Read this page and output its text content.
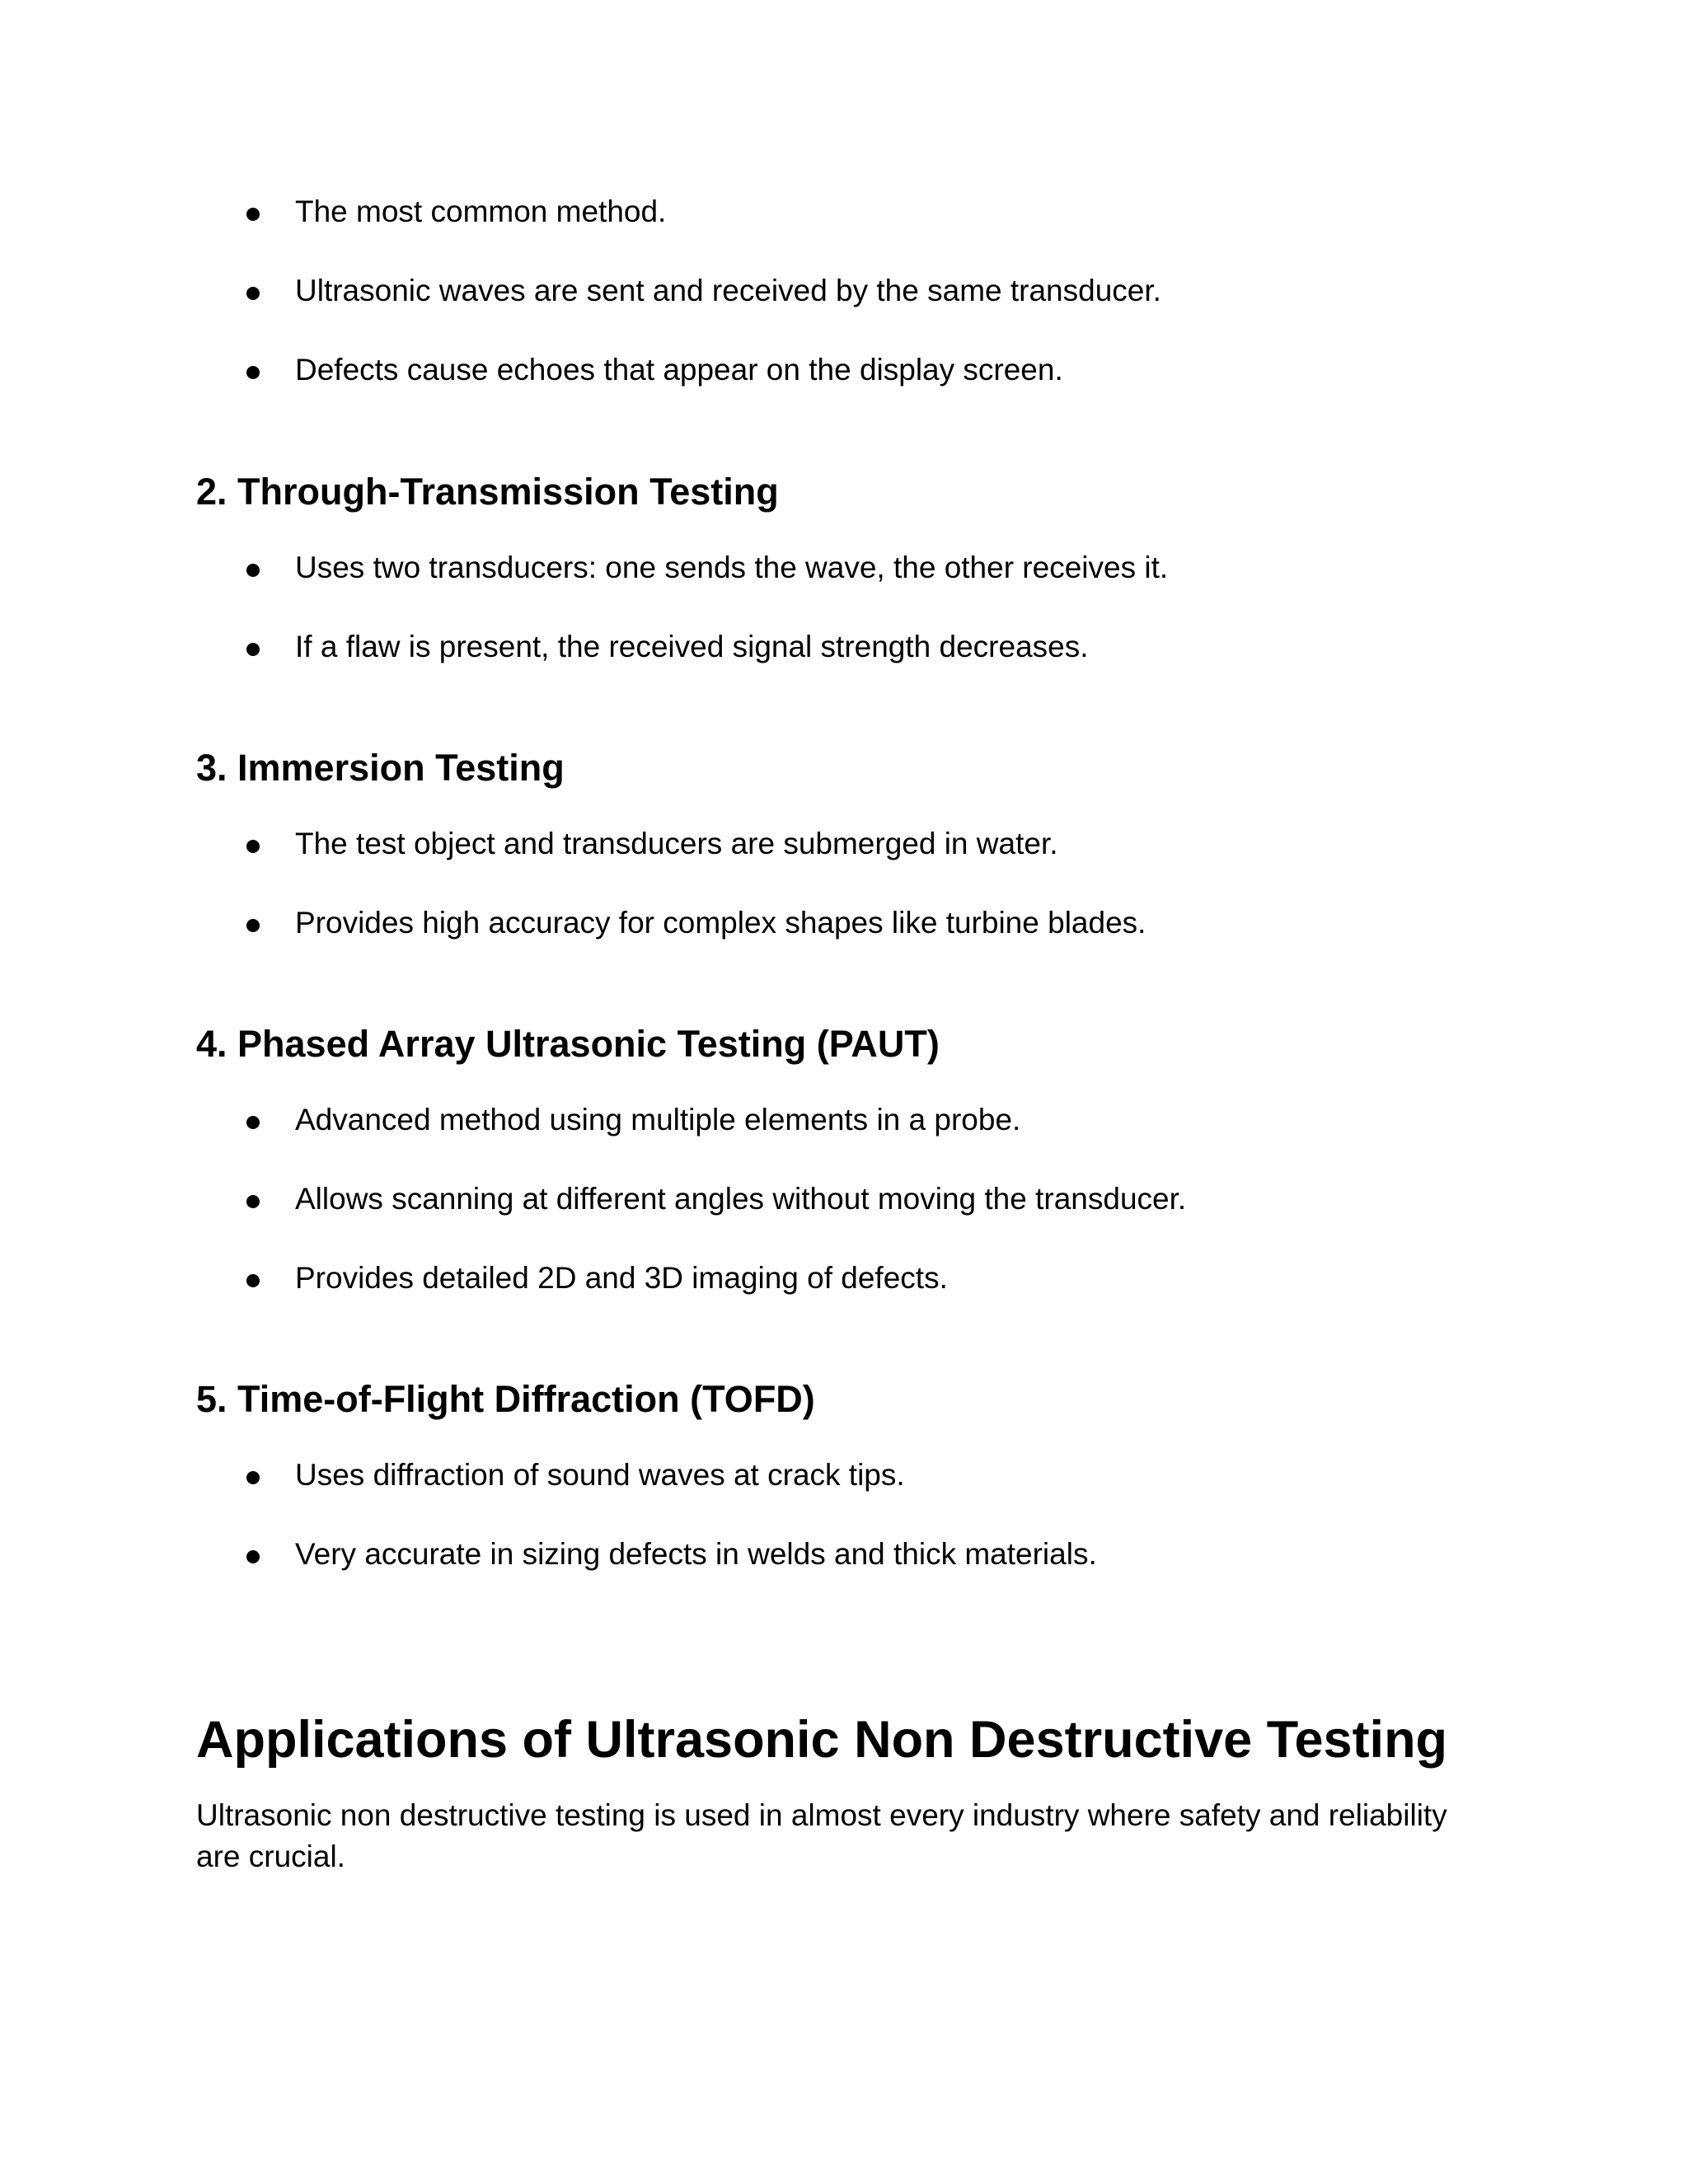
The most common method.
Ultrasonic waves are sent and received by the same transducer.
Defects cause echoes that appear on the display screen.
2. Through-Transmission Testing
Uses two transducers: one sends the wave, the other receives it.
If a flaw is present, the received signal strength decreases.
3. Immersion Testing
The test object and transducers are submerged in water.
Provides high accuracy for complex shapes like turbine blades.
4. Phased Array Ultrasonic Testing (PAUT)
Advanced method using multiple elements in a probe.
Allows scanning at different angles without moving the transducer.
Provides detailed 2D and 3D imaging of defects.
5. Time-of-Flight Diffraction (TOFD)
Uses diffraction of sound waves at crack tips.
Very accurate in sizing defects in welds and thick materials.
Applications of Ultrasonic Non Destructive Testing

Ultrasonic non destructive testing is used in almost every industry where safety and reliability are crucial.
